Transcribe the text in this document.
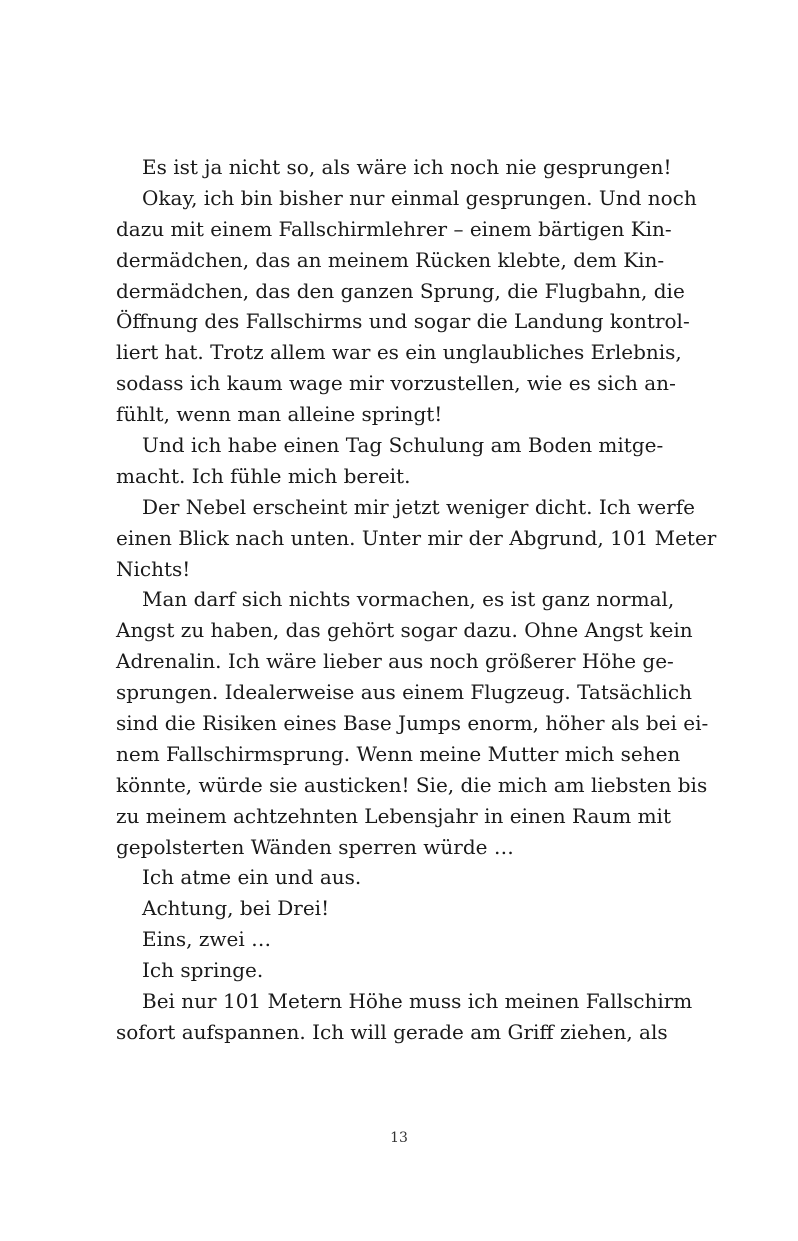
Es ist ja nicht so, als wäre ich noch nie gesprungen!
Okay, ich bin bisher nur einmal gesprungen. Und noch
dazu mit einem Fallschirmlehrer – einem bärtigen Kin-
dermädchen, das an meinem Rücken klebte, dem Kin-
dermädchen, das den ganzen Sprung, die Flugbahn, die
Öffnung des Fallschirms und sogar die Landung kontrol-
liert hat. Trotz allem war es ein unglaubliches Erlebnis,
sodass ich kaum wage mir vorzustellen, wie es sich an-
fühlt, wenn man alleine springt!
Und ich habe einen Tag Schulung am Boden mitge-
macht. Ich fühle mich bereit.
Der Nebel erscheint mir jetzt weniger dicht. Ich werfe
einen Blick nach unten. Unter mir der Abgrund, 101 Meter
Nichts!
Man darf sich nichts vormachen, es ist ganz normal,
Angst zu haben, das gehört sogar dazu. Ohne Angst kein
Adrenalin. Ich wäre lieber aus noch größerer Höhe ge-
sprungen. Idealerweise aus einem Flugzeug. Tatsächlich
sind die Risiken eines Base Jumps enorm, höher als bei ei-
nem Fallschirmsprung. Wenn meine Mutter mich sehen
könnte, würde sie austicken! Sie, die mich am liebsten bis
zu meinem achtzehnten Lebensjahr in einen Raum mit
gepolsterten Wänden sperren würde …
Ich atme ein und aus.
Achtung, bei Drei!
Eins, zwei …
Ich springe.
Bei nur 101 Metern Höhe muss ich meinen Fallschirm
sofort aufspannen. Ich will gerade am Griff ziehen, als
13
